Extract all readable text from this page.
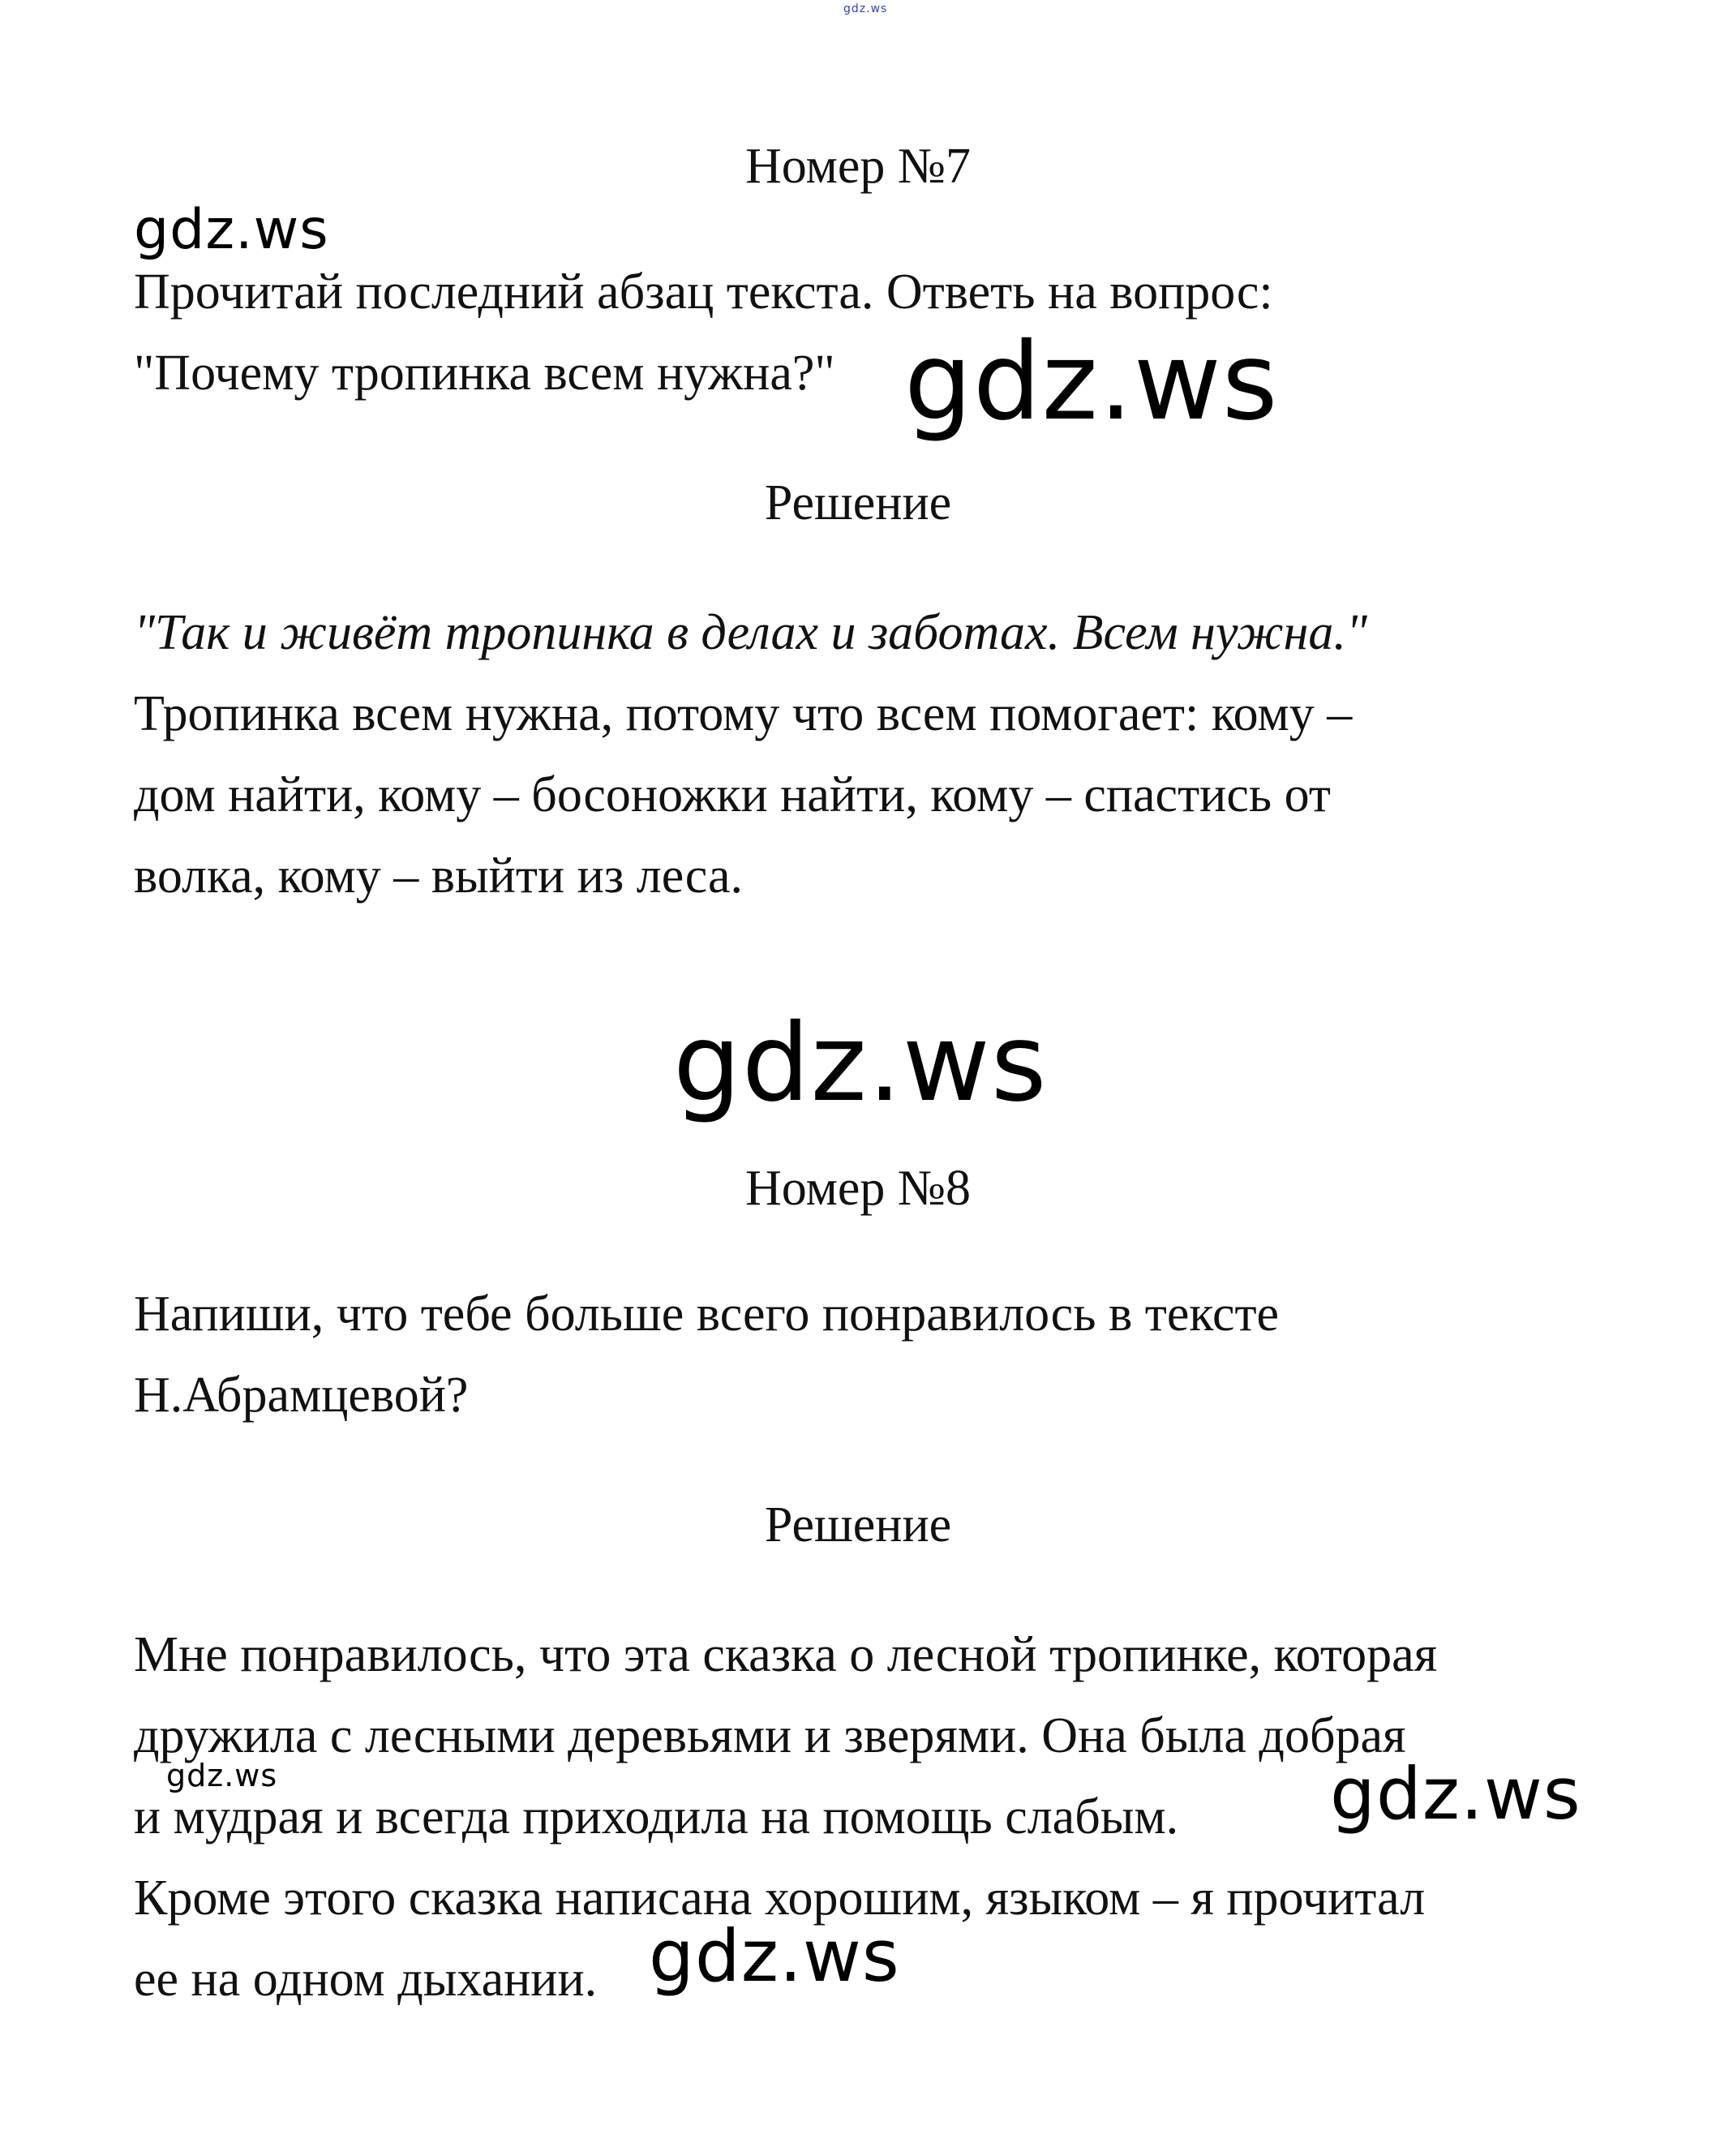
gdz.ws
Номер №7
gdz.ws
Прочитай последний абзац текста. Ответь на вопрос:
"Почему тропинка всем нужна?" gdz.ws
Решение
"Так и живёт тропинка в делах и заботах. Всем нужна."
Тропинка всем нужна, потому что всем помогает: кому –
дом найти, кому – босоножки найти, кому – спастись от
волка, кому – выйти из леса.
gdz.ws
Номер №8
Напиши, что тебе больше всего понравилось в тексте
Н.Абрамцевой?
Решение
Мне понравилось, что эта сказка о лесной тропинке, которая
дружила с лесными деревьями и зверями. Она была добрая
и мудрая и всегда приходила на помощь слабым.
Кроме этого сказка написана хорошим, языком – я прочитал
ее на одном дыхании.
gdz.ws	gdz.ws
gdz.ws
